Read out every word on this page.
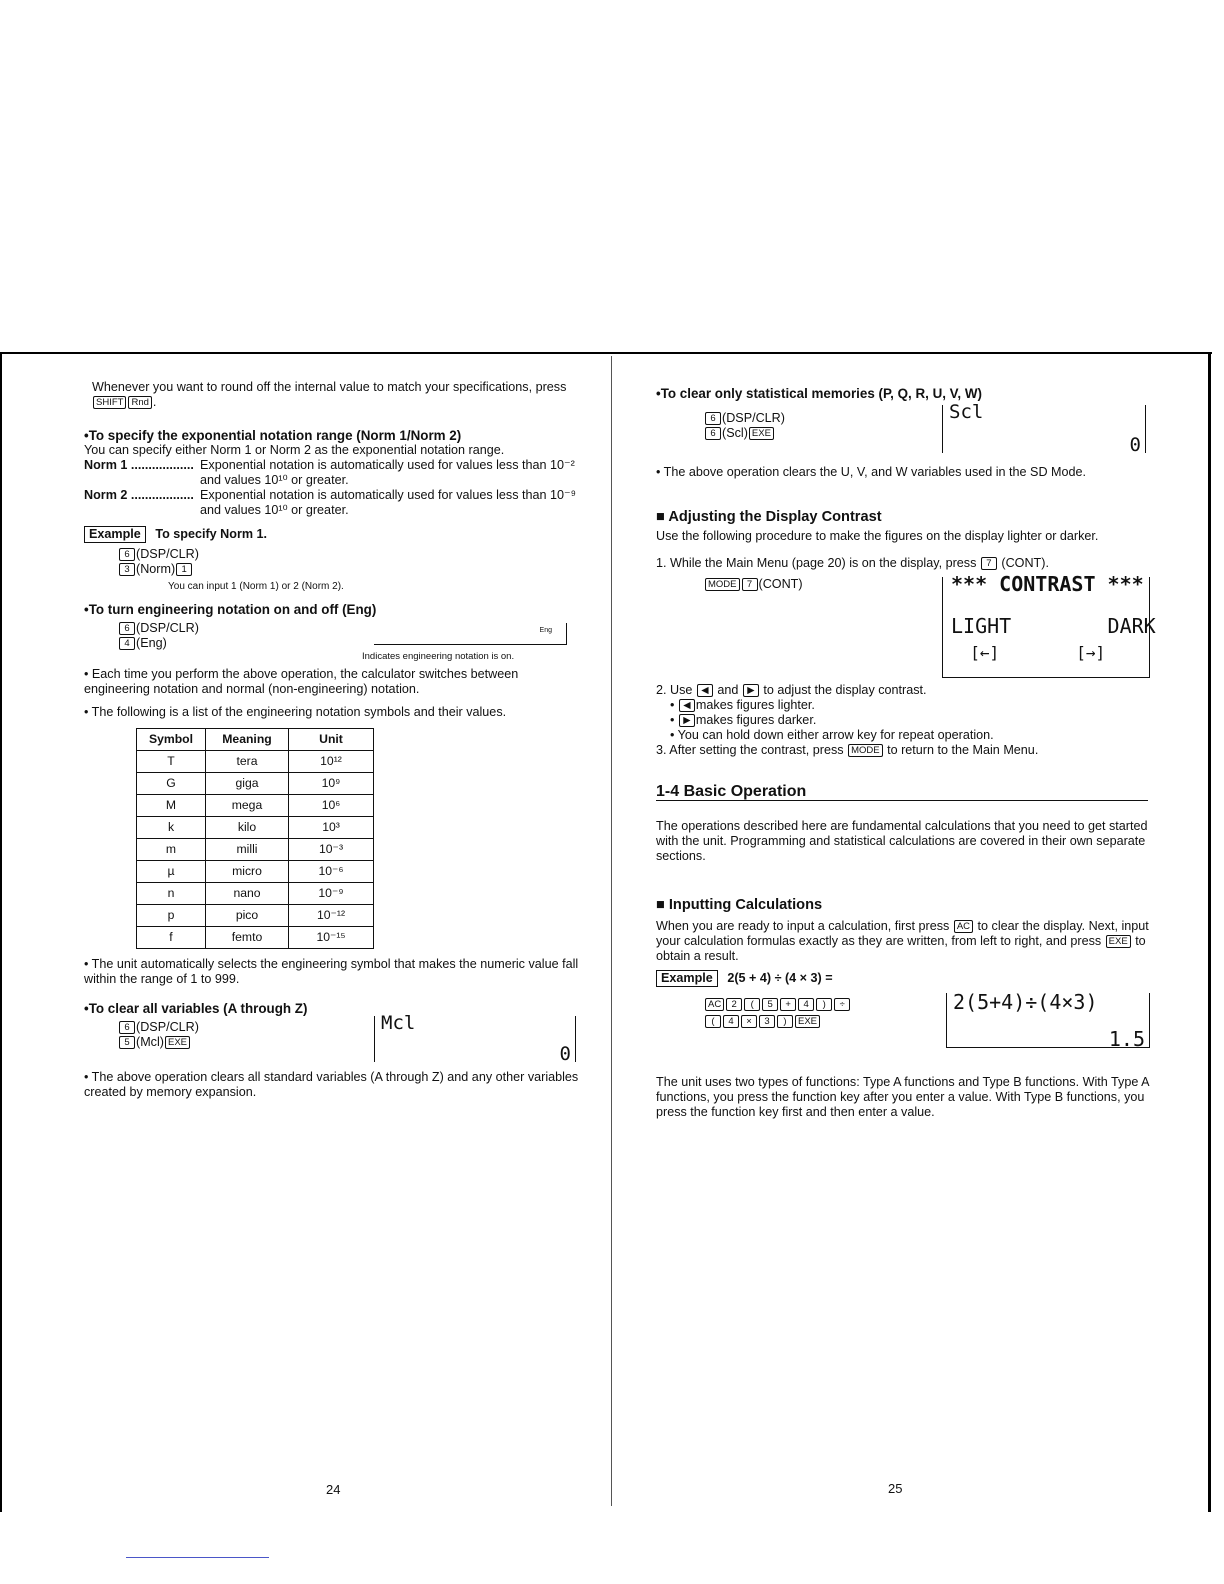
Whenever you want to round off the internal value to match your specifications, press SHIFT Rnd .

•To specify the exponential notation range (Norm 1/Norm 2)

You can specify either Norm 1 or Norm 2 as the exponential notation range.

Norm 1 .................. Exponential notation is automatically used for values less than 10⁻² and values 10¹⁰ or greater.
Norm 2 .................. Exponential notation is automatically used for values less than 10⁻⁹ and values 10¹⁰ or greater.

Example To specify Norm 1.

6 (DSP/CLR)
3 (Norm) 1
You can input 1 (Norm 1) or 2 (Norm 2).

•To turn engineering notation on and off (Eng)

6 (DSP/CLR)
4 (Eng)
Eng
Indicates engineering notation is on.

• Each time you perform the above operation, the calculator switches between engineering notation and normal (non-engineering) notation.

• The following is a list of the engineering notation symbols and their values.

Symbol	Meaning	Unit
T	tera	10¹²
G	giga	10⁹
M	mega	10⁶
k	kilo	10³
m	milli	10⁻³
µ	micro	10⁻⁶
n	nano	10⁻⁹
p	pico	10⁻¹²
f	femto	10⁻¹⁵

• The unit automatically selects the engineering symbol that makes the numeric value fall within the range of 1 to 999.

•To clear all variables (A through Z)

6 (DSP/CLR)
5 (Mcl) EXE
Mcl
0

• The above operation clears all standard variables (A through Z) and any other variables created by memory expansion.

24

•To clear only statistical memories (P, Q, R, U, V, W)

6 (DSP/CLR)
6 (Scl) EXE
Scl
0

• The above operation clears the U, V, and W variables used in the SD Mode.

■ Adjusting the Display Contrast

Use the following procedure to make the figures on the display lighter or darker.

1. While the Main Menu (page 20) is on the display, press 7 (CONT).

MODE 7 (CONT)	*** CONTRAST ***
LIGHT        DARK
[←]        [→]

2. Use ◀ and ▶ to adjust the display contrast.

• ◀ makes figures lighter.
• ▶ makes figures darker.
• You can hold down either arrow key for repeat operation.

3. After setting the contrast, press MODE to return to the Main Menu.

1-4 Basic Operation

The operations described here are fundamental calculations that you need to get started with the unit. Programming and statistical calculations are covered in their own separate sections.

■ Inputting Calculations

When you are ready to input a calculation, first press AC to clear the display. Next, input your calculation formulas exactly as they are written, from left to right, and press EXE to obtain a result.

Example 2(5 + 4) ÷ (4 × 3) =

AC 2 ( 5 + 4 ) ÷
( 4 × 3 ) EXE
2(5+4)÷(4×3)
1.5

The unit uses two types of functions: Type A functions and Type B functions. With Type A functions, you press the function key after you enter a value. With Type B functions, you press the function key first and then enter a value.

25
